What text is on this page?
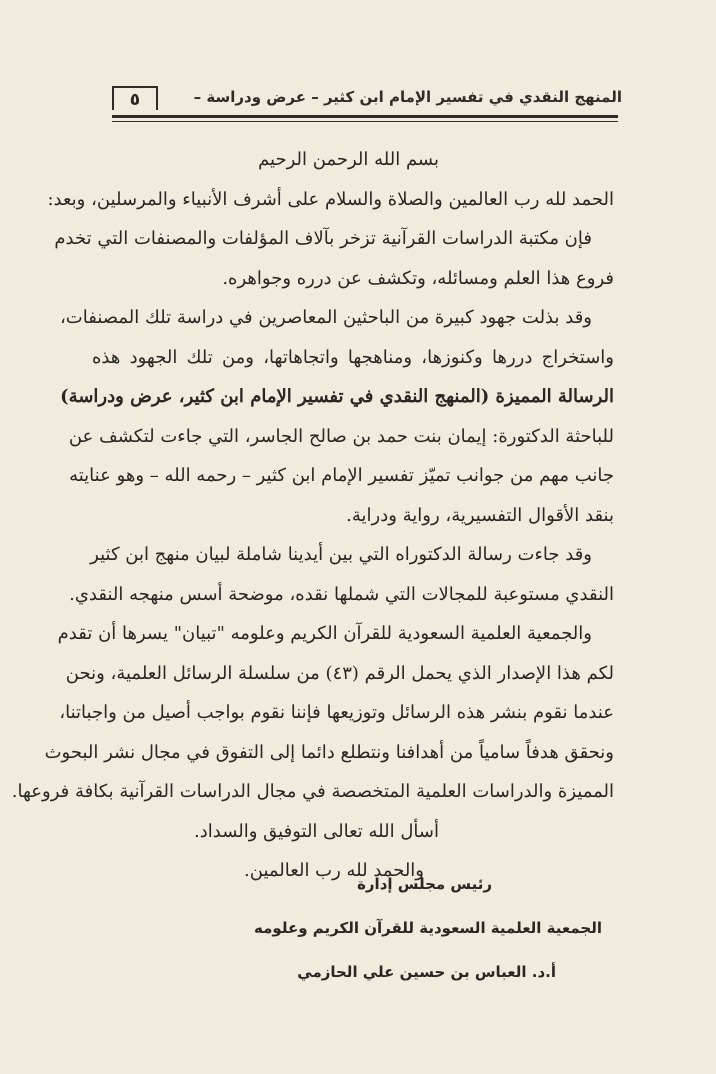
المنهج النقدي في تفسير الإمام ابن كثير – عرض ودراسة –
٥
بسم الله الرحمن الرحيم
الحمد لله رب العالمين والصلاة والسلام على أشرف الأنبياء والمرسلين، وبعد:
فإن مكتبة الدراسات القرآنية تزخر بآلاف المؤلفات والمصنفات التي تخدم
فروع هذا العلم ومسائله، وتكشف عن درره وجواهره.
وقد بذلت جهود كبيرة من الباحثين المعاصرين في دراسة تلك المصنفات،
واستخراج دررها وكنوزها، ومناهجها واتجاهاتها، ومن تلك الجهود هذه
الرسالة المميزة (المنهج النقدي في تفسير الإمام ابن كثير، عرض ودراسة)
للباحثة الدكتورة: إيمان بنت حمد بن صالح الجاسر، التي جاءت لتكشف عن
جانب مهم من جوانب تميّز تفسير الإمام ابن كثير – رحمه الله – وهو عنايته
بنقد الأقوال التفسيرية، رواية ودراية.
وقد جاءت رسالة الدكتوراه التي بين أيدينا شاملة لبيان منهج ابن كثير
النقدي مستوعبة للمجالات التي شملها نقده، موضحة أسس منهجه النقدي.
والجمعية العلمية السعودية للقرآن الكريم وعلومه "تبيان" يسرها أن تقدم
لكم هذا الإصدار الذي يحمل الرقم (٤٣) من سلسلة الرسائل العلمية، ونحن
عندما نقوم بنشر هذه الرسائل وتوزيعها فإننا نقوم بواجب أصيل من واجباتنا،
ونحقق هدفاً سامياً من أهدافنا ونتطلع دائما إلى التفوق في مجال نشر البحوث
المميزة والدراسات العلمية المتخصصة في مجال الدراسات القرآنية بكافة فروعها.
أسأل الله تعالى التوفيق والسداد.
والحمد لله رب العالمين.
رئيس مجلس إدارة
الجمعية العلمية السعودية للقرآن الكريم وعلومه
أ.د. العباس بن حسين علي الحازمي
